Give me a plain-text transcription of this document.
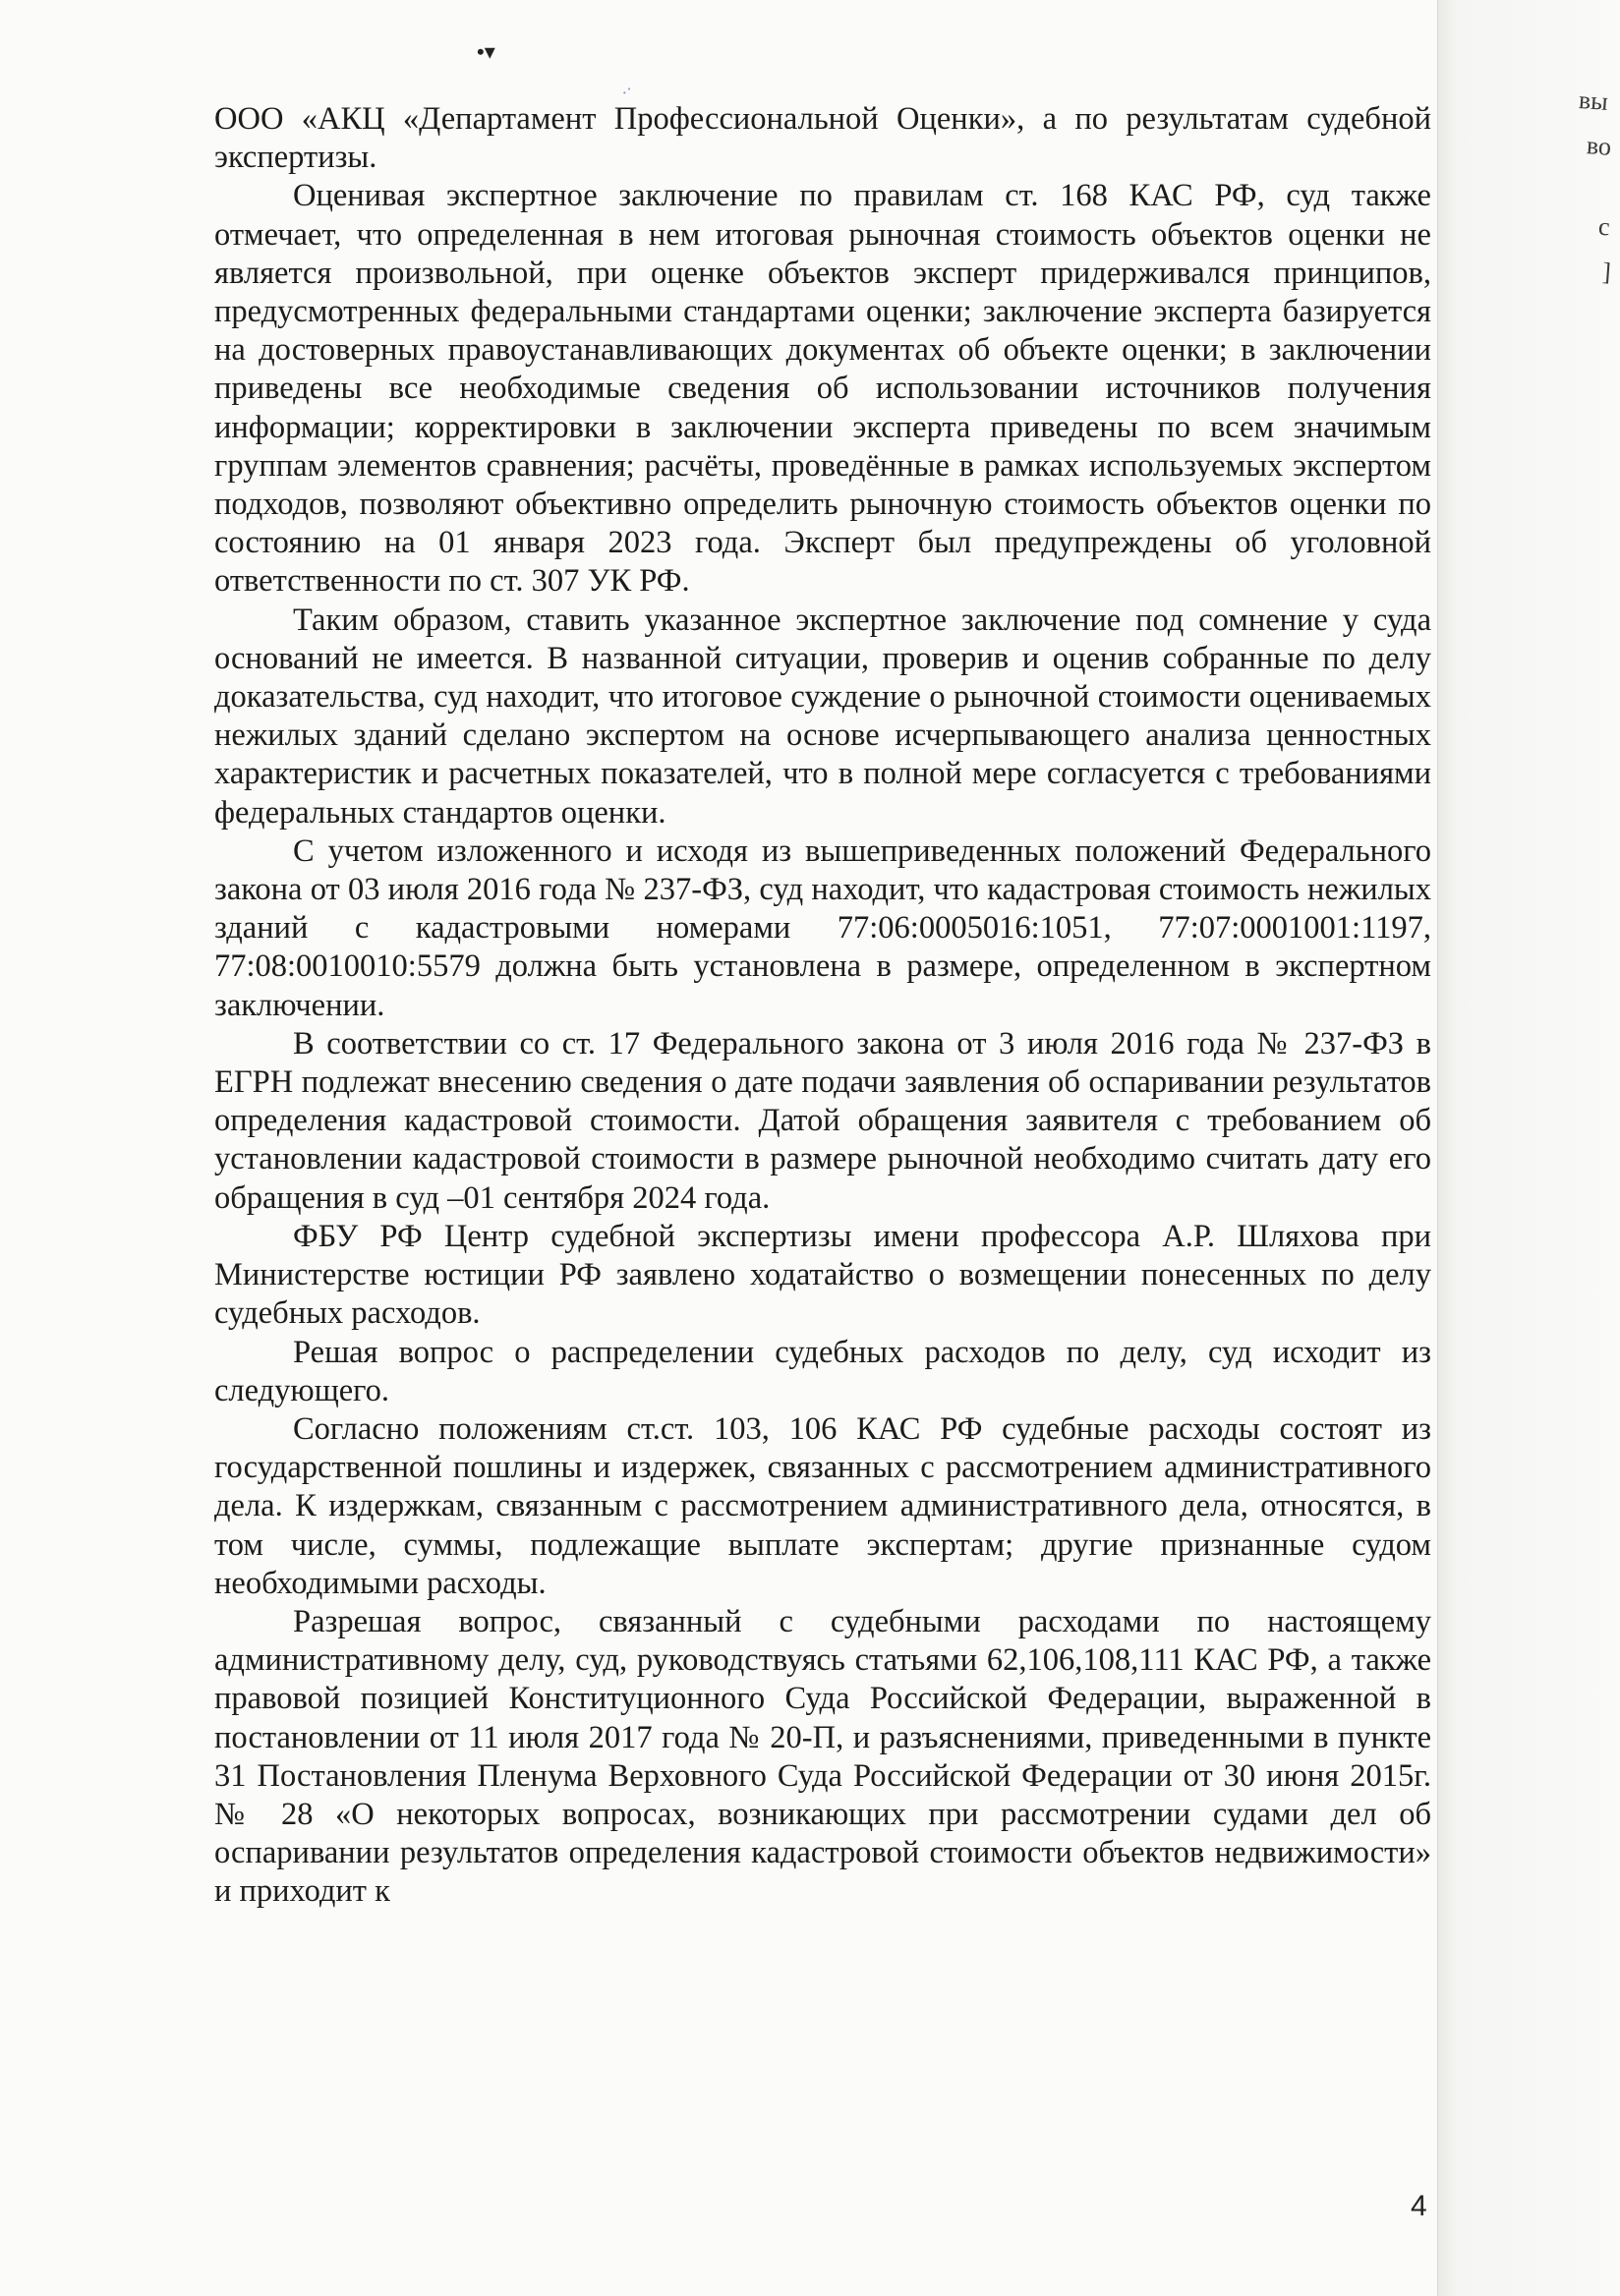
•▾
·˙

ООО «АКЦ «Департамент Профессиональной Оценки», а по результатам судебной экспертизы.

Оценивая экспертное заключение по правилам ст. 168 КАС РФ, суд также отмечает, что определенная в нем итоговая рыночная стоимость объектов оценки не является произвольной, при оценке объектов эксперт придерживался принципов, предусмотренных федеральными стандартами оценки; заключение эксперта базируется на достоверных правоустанавливающих документах об объекте оценки; в заключении приведены все необходимые сведения об использовании источников получения информации; корректировки в заключении эксперта приведены по всем значимым группам элементов сравнения; расчёты, проведённые в рамках используемых экспертом подходов, позволяют объективно определить рыночную стоимость объектов оценки по состоянию на 01 января 2023 года. Эксперт был предупреждены об уголовной ответственности по ст. 307 УК РФ.

Таким образом, ставить указанное экспертное заключение под сомнение у суда оснований не имеется. В названной ситуации, проверив и оценив собранные по делу доказательства, суд находит, что итоговое суждение о рыночной стоимости оцениваемых нежилых зданий сделано экспертом на основе исчерпывающего анализа ценностных характеристик и расчетных показателей, что в полной мере согласуется с требованиями федеральных стандартов оценки.

С учетом изложенного и исходя из вышеприведенных положений Федерального закона от 03 июля 2016 года № 237-ФЗ, суд находит, что кадастровая стоимость нежилых зданий с кадастровыми номерами 77:06:0005016:1051, 77:07:0001001:1197, 77:08:0010010:5579 должна быть установлена в размере, определенном в экспертном заключении.

В соответствии со ст. 17 Федерального закона от 3 июля 2016 года № 237-ФЗ в ЕГРН подлежат внесению сведения о дате подачи заявления об оспаривании результатов определения кадастровой стоимости. Датой обращения заявителя с требованием об установлении кадастровой стоимости в размере рыночной необходимо считать дату его обращения в суд –01 сентября 2024 года.

ФБУ РФ Центр судебной экспертизы имени профессора А.Р. Шляхова при Министерстве юстиции РФ заявлено ходатайство о возмещении понесенных по делу судебных расходов.

Решая вопрос о распределении судебных расходов по делу, суд исходит из следующего.

Согласно положениям ст.ст. 103, 106 КАС РФ судебные расходы состоят из государственной пошлины и издержек, связанных с рассмотрением административного дела. К издержкам, связанным с рассмотрением административного дела, относятся, в том числе, суммы, подлежащие выплате экспертам; другие признанные судом необходимыми расходы.

Разрешая вопрос, связанный с судебными расходами по настоящему административному делу, суд, руководствуясь статьями 62,106,108,111 КАС РФ, а также правовой позицией Конституционного Суда Российской Федерации, выраженной в постановлении от 11 июля 2017 года № 20-П, и разъяснениями, приведенными в пункте 31 Постановления Пленума Верховного Суда Российской Федерации от 30 июня 2015г. № 28 «О некоторых вопросах, возникающих при рассмотрении судами дел об оспаривании результатов определения кадастровой стоимости объектов недвижимости» и приходит к

4
вы
во
с
]
